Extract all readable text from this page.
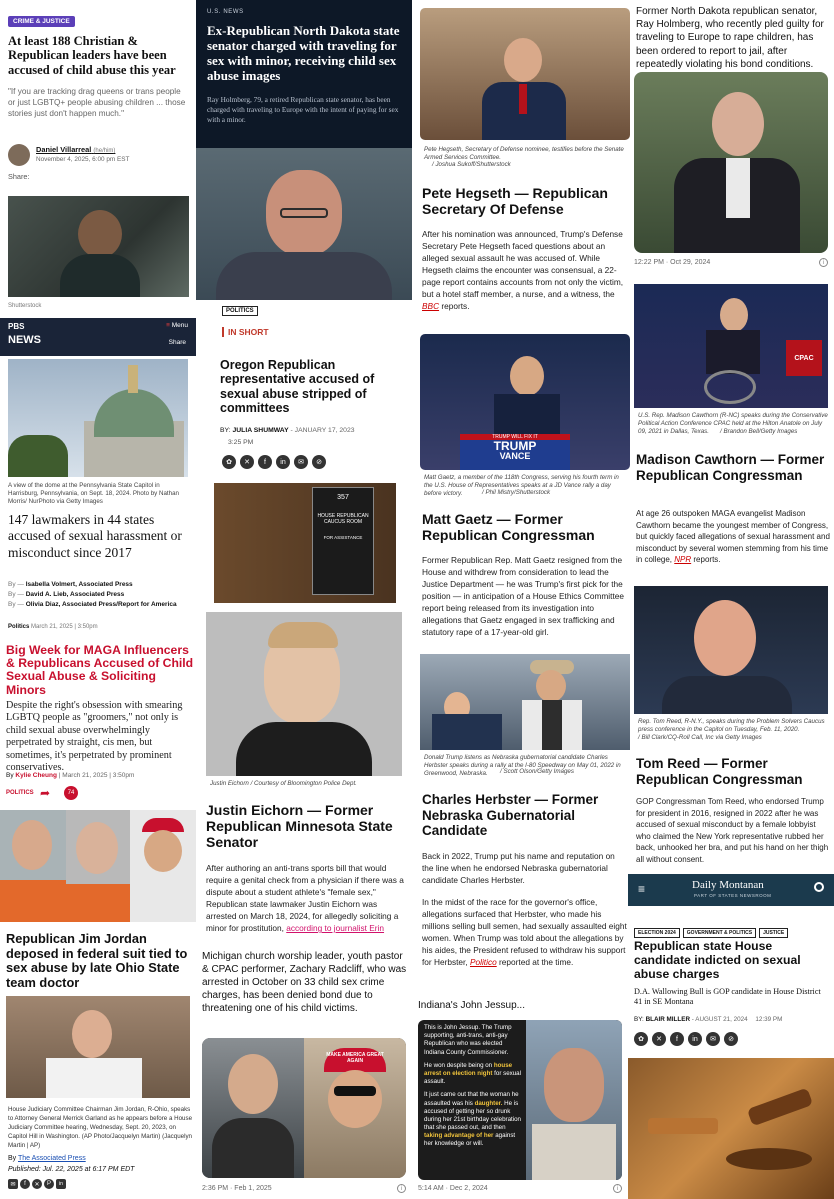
CRIME & JUSTICE
At least 188 Christian & Republican leaders have been accused of child abuse this year
"If you are tracking drag queens or trans people or just LGBTQ+ people abusing children ... those stories just don't happen much."
Daniel Villarreal (he/him)
November 4, 2025, 6:00 pm EST
Share:
Shutterstock
U.S. NEWS
Ex-Republican North Dakota state senator charged with traveling for sex with minor, receiving child sex abuse images
Ray Holmberg, 79, a retired Republican state senator, has been charged with traveling to Europe with the intent of paying for sex with a minor.
Pete Hegseth, Secretary of Defense nominee, testifies before the Senate Armed Services Committee.
/ Joshua Sukoff/Shutterstock
Pete Hegseth — Republican Secretary Of Defense
After his nomination was announced, Trump's Defense Secretary Pete Hegseth faced questions about an alleged sexual assault he was accused of. While Hegseth claims the encounter was consensual, a 22-page report contains accounts from not only the victim, but a hotel staff member, a nurse, and a witness, the BBC reports.
Former North Dakota republican senator, Ray Holmberg, who recently pled guilty for traveling to Europe to rape children, has been ordered to report to jail, after repeatedly violating his bond conditions.
12:22 PM · Oct 29, 2024	i
PBS
NEWS
≡ Menu
Share
A view of the dome at the Pennsylvania State Capitol in Harrisburg, Pennsylvania, on Sept. 18, 2024. Photo by Nathan Morris/ NurPhoto via Getty Images
147 lawmakers in 44 states accused of sexual harassment or misconduct since 2017
By — Isabella Volmert, Associated Press
By — David A. Lieb, Associated Press
By — Olivia Diaz, Associated Press/Report for America
POLITICS
IN SHORT
Oregon Republican representative accused of sexual abuse stripped of committees
BY: JULIA SHUMWAY - JANUARY 17, 2023
3:25 PM
✿	✕	f	in	✉	⊘
357
HOUSE REPUBLICAN CAUCUS ROOM
FOR ASSISTANCE
TRUMP WILL FIX IT
TRUMP
VANCE
Matt Gaetz, a member of the 118th Congress, serving his fourth term in the U.S. House of Representatives speaks at a JD Vance rally a day before victory.	/ Phil Mistry/Shutterstock
Matt Gaetz — Former Republican Congressman
Former Republican Rep. Matt Gaetz resigned from the House and withdrew from consideration to lead the Justice Department — he was Trump's first pick for the position — in anticipation of a House Ethics Committee report being released from its investigation into allegations that Gaetz engaged in sex trafficking and statutory rape of a 17-year-old girl.
CPAC
U.S. Rep. Madison Cawthorn (R-NC) speaks during the Conservative Political Action Conference CPAC held at the Hilton Anatole on July 09, 2021 in Dallas, Texas.	/ Brandon Bell/Getty Images
Madison Cawthorn — Former Republican Congressman
At age 26 outspoken MAGA evangelist Madison Cawthorn became the youngest member of Congress, but quickly faced allegations of sexual harassment and misconduct by several women stemming from his time in college, NPR reports.
Politics March 21, 2025 | 3:50pm
Big Week for MAGA Influencers & Republicans Accused of Child Sexual Abuse & Soliciting Minors
Despite the right's obsession with smearing LGBTQ people as "groomers," not only is child sexual abuse overwhelmingly perpetrated by straight, cis men, but sometimes, it's perpetrated by prominent conservatives.
By Kylie Cheung | March 21, 2025 | 3:50pm
POLITICS ➦	74
Justin Eichorn / Courtesy of Bloomington Police Dept.
Justin Eichorn — Former Republican Minnesota State Senator
After authoring an anti-trans sports bill that would require a genital check from a physician if there was a dispute about a student athlete's "female sex," Republican state lawmaker Justin Eichorn was arrested on March 18, 2024, for allegedly soliciting a minor for prostitution, according to journalist Erin
Donald Trump listens as Nebraska gubernatorial candidate Charles Herbster speaks during a rally at the I-80 Speedway on May 01, 2022 in Greenwood, Nebraska.	/ Scott Olson/Getty Images
Charles Herbster — Former Nebraska Gubernatorial Candidate
Back in 2022, Trump put his name and reputation on the line when he endorsed Nebraska gubernatorial candidate Charles Herbster.
In the midst of the race for the governor's office, allegations surfaced that Herbster, who made his millions selling bull semen, had sexually assaulted eight women. When Trump was told about the allegations by his aides, the President refused to withdraw his support for Herbster, Politico reported at the time.
Rep. Tom Reed, R-N.Y., speaks during the Problem Solvers Caucus press conference in the Capitol on Tuesday, Feb. 11, 2020.
/ Bill Clark/CQ-Roll Call, Inc via Getty Images
Tom Reed — Former Republican Congressman
GOP Congressman Tom Reed, who endorsed Trump for president in 2016, resigned in 2022 after he was accused of sexual misconduct by a female lobbyist who claimed the New York representative rubbed her back, unhooked her bra, and put his hand on her thigh all without consent.
Republican Jim Jordan deposed in federal suit tied to sex abuse by late Ohio State team doctor
House Judiciary Committee Chairman Jim Jordan, R-Ohio, speaks to Attorney General Merrick Garland as he appears before a House Judiciary Committee hearing, Wednesday, Sept. 20, 2023, on Capitol Hill in Washington. (AP Photo/Jacquelyn Martin) (Jacquelyn Martin | AP)
By The Associated Press
Published: Jul. 22, 2025 at 6:17 PM EDT
✉	f	✕	P	in
Michigan church worship leader, youth pastor & CPAC performer, Zachary Radcliff, who was arrested in October on 33 child sex crime charges, has been denied bond due to threatening one of his child victims.
MAKE AMERICA GREAT AGAIN
2:36 PM · Feb 1, 2025	i
Indiana's John Jessup...
This is John Jessup. The Trump supporting, anti-trans, anti-gay Republican who was elected Indiana County Commissioner.
He won despite being on house arrest on election night for sexual assault.
It just came out that the woman he assaulted was his daughter. He is accused of getting her so drunk during her 21st birthday celebration that she passed out, and then taking advantage of her against her knowledge or will.
5:14 AM · Dec 2, 2024	i
≡	Daily Montanan
PART OF STATES NEWSROOM
ELECTION 2024 GOVERNMENT & POLITICS JUSTICE
Republican state House candidate indicted on sexual abuse charges
D.A. Wallowing Bull is GOP candidate in House District 41 in SE Montana
BY: BLAIR MILLER - AUGUST 21, 2024 12:39 PM
✿	✕	f	in	✉	⊘
